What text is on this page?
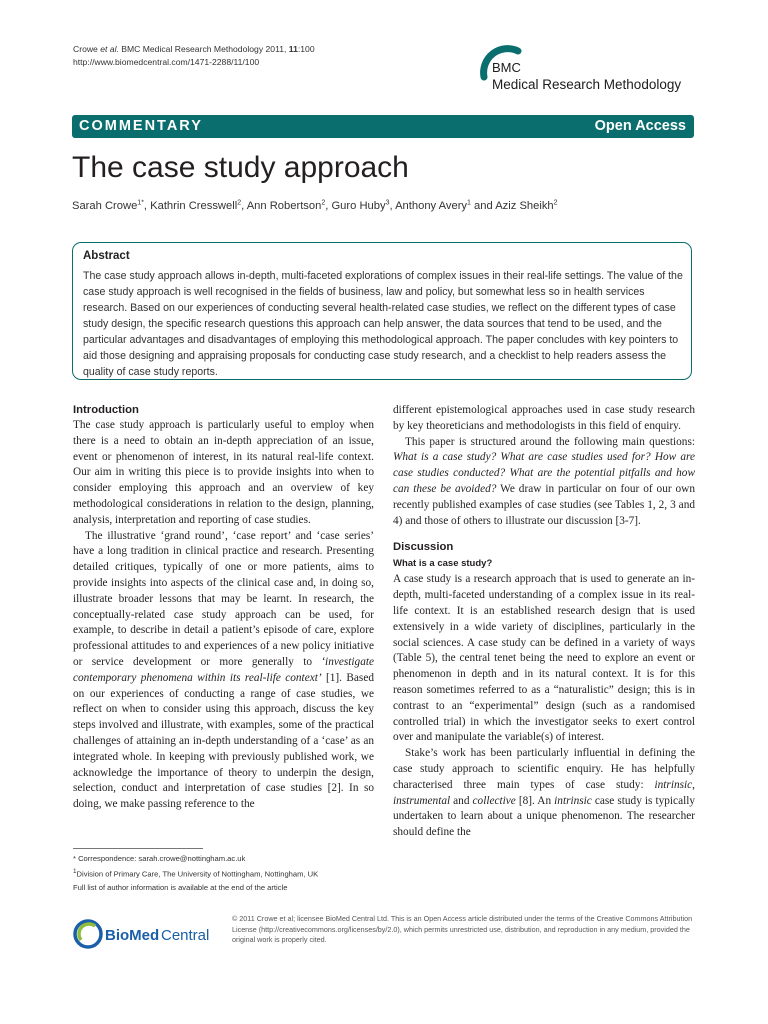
Crowe et al. BMC Medical Research Methodology 2011, 11:100
http://www.biomedcentral.com/1471-2288/11/100	BMC
Medical Research Methodology
COMMENTARY	Open Access
The case study approach
Sarah Crowe$^{1*}$, Kathrin Cresswell$^2$, Ann Robertson$^2$, Guro Huby$^3$, Anthony Avery$^1$ and Aziz Sheikh$^2$
Abstract
The case study approach allows in-depth, multi-faceted explorations of complex issues in their real-life settings. The value of the case study approach is well recognised in the fields of business, law and policy, but somewhat less so in health services research. Based on our experiences of conducting several health-related case studies, we reflect on the different types of case study design, the specific research questions this approach can help answer, the data sources that tend to be used, and the particular advantages and disadvantages of employing this methodological approach. The paper concludes with key pointers to aid those designing and appraising proposals for conducting case study research, and a checklist to help readers assess the quality of case study reports.
Introduction

The case study approach is particularly useful to employ when there is a need to obtain an in-depth appreciation of an issue, event or phenomenon of interest, in its natural real-life context. Our aim in writing this piece is to provide insights into when to consider employing this approach and an overview of key methodological considerations in relation to the design, planning, analysis, interpretation and reporting of case studies.

The illustrative ‘grand round’, ‘case report’ and ‘case series’ have a long tradition in clinical practice and research. Presenting detailed critiques, typically of one or more patients, aims to provide insights into aspects of the clinical case and, in doing so, illustrate broader lessons that may be learnt. In research, the conceptually-related case study approach can be used, for example, to describe in detail a patient’s episode of care, explore professional attitudes to and experiences of a new policy initiative or service development or more generally to ‘investigate contemporary phenomena within its real-life context’ [1]. Based on our experiences of conducting a range of case studies, we reflect on when to consider using this approach, discuss the key steps involved and illustrate, with examples, some of the practical challenges of attaining an in-depth understanding of a ‘case’ as an integrated whole. In keeping with previously published work, we acknowledge the importance of theory to underpin the design, selection, conduct and interpretation of case studies [2]. In so doing, we make passing reference to the

different epistemological approaches used in case study research by key theoreticians and methodologists in this field of enquiry.

This paper is structured around the following main questions: What is a case study? What are case studies used for? How are case studies conducted? What are the potential pitfalls and how can these be avoided? We draw in particular on four of our own recently published examples of case studies (see Tables 1, 2, 3 and 4) and those of others to illustrate our discussion [3-7].

Discussion
What is a case study?

A case study is a research approach that is used to generate an in-depth, multi-faceted understanding of a complex issue in its real-life context. It is an established research design that is used extensively in a wide variety of disciplines, particularly in the social sciences. A case study can be defined in a variety of ways (Table 5), the central tenet being the need to explore an event or phenomenon in depth and in its natural context. It is for this reason sometimes referred to as a “naturalistic” design; this is in contrast to an “experimental” design (such as a randomised controlled trial) in which the investigator seeks to exert control over and manipulate the variable(s) of interest.

Stake’s work has been particularly influential in defining the case study approach to scientific enquiry. He has helpfully characterised three main types of case study: intrinsic, instrumental and collective [8]. An intrinsic case study is typically undertaken to learn about a unique phenomenon. The researcher should define the

* Correspondence: sarah.crowe@nottingham.ac.uk
$^1$Division of Primary Care, The University of Nottingham, Nottingham, UK
Full list of author information is available at the end of the article
BioMed Central
© 2011 Crowe et al; licensee BioMed Central Ltd. This is an Open Access article distributed under the terms of the Creative Commons Attribution License (http://creativecommons.org/licenses/by/2.0), which permits unrestricted use, distribution, and reproduction in any medium, provided the original work is properly cited.
